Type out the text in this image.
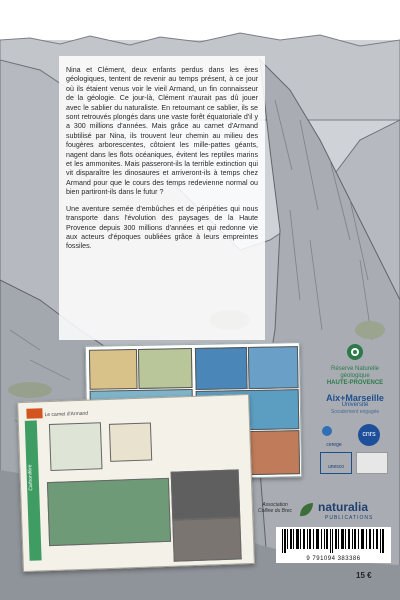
Nina et Clément, deux enfants perdus dans les ères géologiques, tentent de revenir au temps présent, à ce jour où ils étaient venus voir le vieil Armand, un fin connaisseur de la géologie. Ce jour-là, Clément n'aurait pas dû jouer avec le sablier du naturaliste. En retournant ce sablier, ils se sont retrouvés plongés dans une vaste forêt équatoriale d'il y a 300 millions d'années. Mais grâce au carnet d'Armand subtilisé par Nina, ils trouvent leur chemin au milieu des fougères arborescentes, côtoient les mille-pattes géants, nagent dans les flots océaniques, évitent les reptiles marins et les ammonites. Mais passeront-ils la terrible extinction qui vit disparaître les dinosaures et arriveront-ils à temps chez Armand pour que le cours des temps redevienne normal ou bien partiront-ils dans le futur ?

Une aventure semée d'embûches et de péripéties qui nous transporte dans l'évolution des paysages de la Haute Provence depuis 300 millions d'années et qui redonne vie aux acteurs d'époques oubliées grâce à leurs empreintes fossiles.

Le carnet d'Armand
Carbonifère
Réserve Naturelle géologique
HAUTE-PROVENCE
Aix+Marseille
Université
Socialement engagée
cerege
cnrs
unesco
Association Colline du Brec naturalia
PUBLICATIONS
9 791094 383386
15 €
